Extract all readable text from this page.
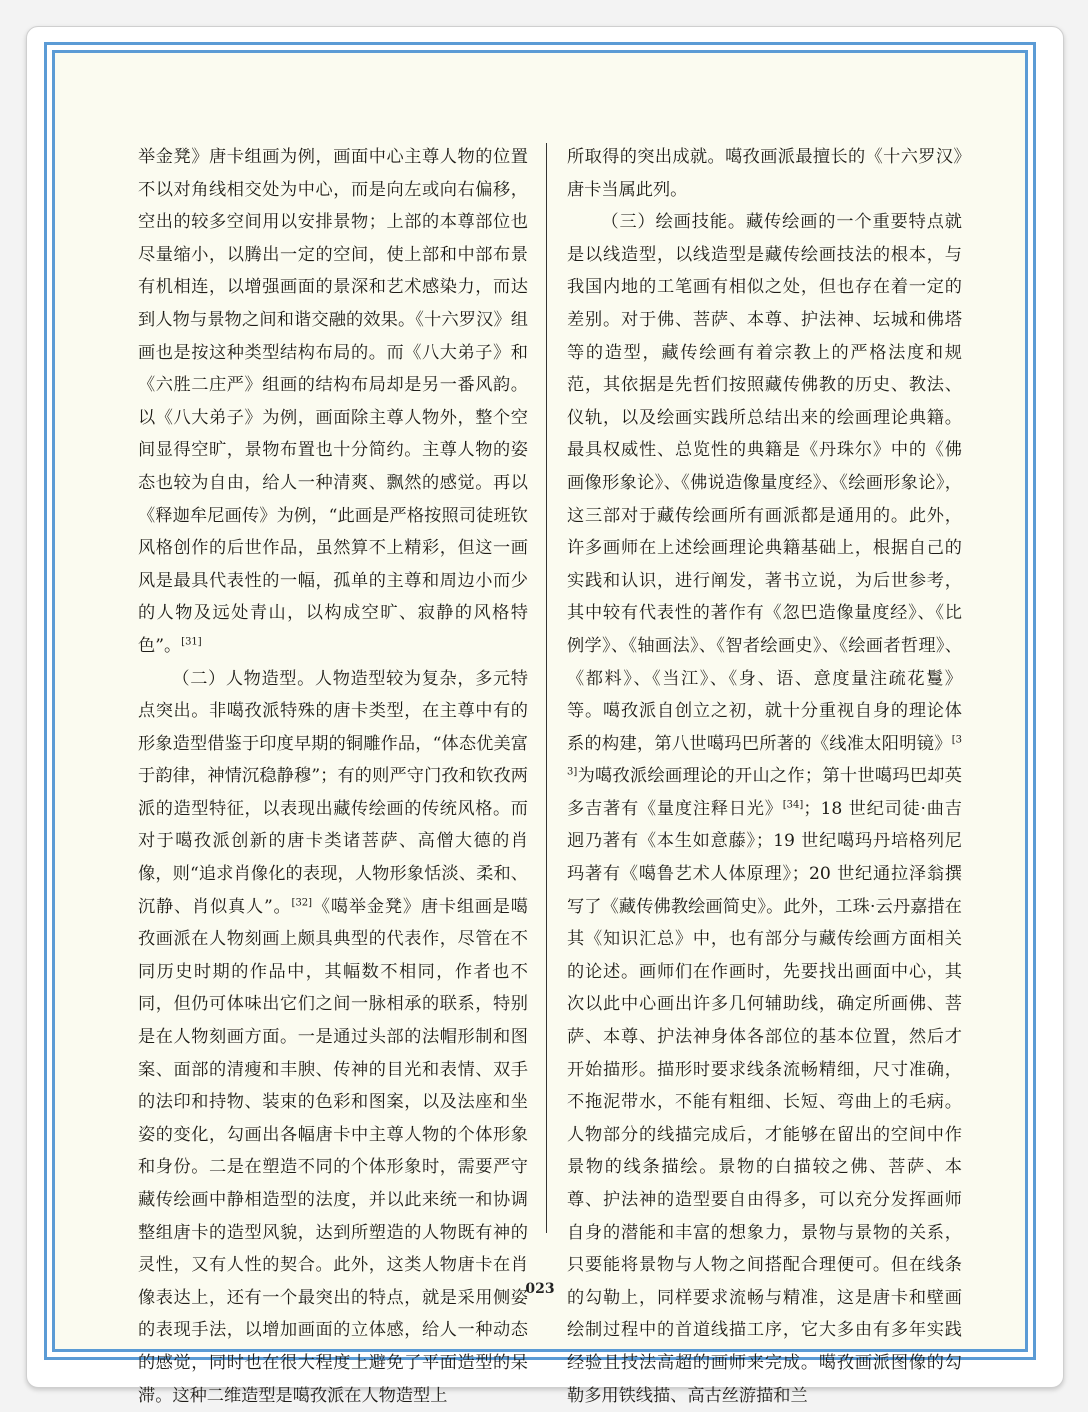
举金凳》唐卡组画为例，画面中心主尊人物的位置不以对角线相交处为中心，而是向左或向右偏移，空出的较多空间用以安排景物；上部的本尊部位也尽量缩小，以腾出一定的空间，使上部和中部布景有机相连，以增强画面的景深和艺术感染力，而达到人物与景物之间和谐交融的效果。《十六罗汉》组画也是按这种类型结构布局的。而《八大弟子》和《六胜二庄严》组画的结构布局却是另一番风韵。以《八大弟子》为例，画面除主尊人物外，整个空间显得空旷，景物布置也十分简约。主尊人物的姿态也较为自由，给人一种清爽、飘然的感觉。再以《释迦牟尼画传》为例，“此画是严格按照司徒班钦风格创作的后世作品，虽然算不上精彩，但这一画风是最具代表性的一幅，孤单的主尊和周边小而少的人物及远处青山，以构成空旷、寂静的风格特色”。[31]

（二）人物造型。人物造型较为复杂，多元特点突出。非噶孜派特殊的唐卡类型，在主尊中有的形象造型借鉴于印度早期的铜雕作品，“体态优美富于韵律，神情沉稳静穆”；有的则严守门孜和钦孜两派的造型特征，以表现出藏传绘画的传统风格。而对于噶孜派创新的唐卡类诸菩萨、高僧大德的肖像，则“追求肖像化的表现，人物形象恬淡、柔和、沉静、肖似真人”。[32]《噶举金凳》唐卡组画是噶孜画派在人物刻画上颇具典型的代表作，尽管在不同历史时期的作品中，其幅数不相同，作者也不同，但仍可体味出它们之间一脉相承的联系，特别是在人物刻画方面。一是通过头部的法帽形制和图案、面部的清瘦和丰腴、传神的目光和表情、双手的法印和持物、装束的色彩和图案，以及法座和坐姿的变化，勾画出各幅唐卡中主尊人物的个体形象和身份。二是在塑造不同的个体形象时，需要严守藏传绘画中静相造型的法度，并以此来统一和协调整组唐卡的造型风貌，达到所塑造的人物既有神的灵性，又有人性的契合。此外，这类人物唐卡在肖像表达上，还有一个最突出的特点，就是采用侧姿的表现手法，以增加画面的立体感，给人一种动态的感觉，同时也在很大程度上避免了平面造型的呆滞。这种二维造型是噶孜派在人物造型上

所取得的突出成就。噶孜画派最擅长的《十六罗汉》唐卡当属此列。

（三）绘画技能。藏传绘画的一个重要特点就是以线造型，以线造型是藏传绘画技法的根本，与我国内地的工笔画有相似之处，但也存在着一定的差别。对于佛、菩萨、本尊、护法神、坛城和佛塔等的造型，藏传绘画有着宗教上的严格法度和规范，其依据是先哲们按照藏传佛教的历史、教法、仪轨，以及绘画实践所总结出来的绘画理论典籍。最具权威性、总览性的典籍是《丹珠尔》中的《佛画像形象论》、《佛说造像量度经》、《绘画形象论》，这三部对于藏传绘画所有画派都是通用的。此外，许多画师在上述绘画理论典籍基础上，根据自己的实践和认识，进行阐发，著书立说，为后世参考，其中较有代表性的著作有《忽巴造像量度经》、《比例学》、《轴画法》、《智者绘画史》、《绘画者哲理》、《都料》、《当江》、《身、语、意度量注疏花鬘》等。噶孜派自创立之初，就十分重视自身的理论体系的构建，第八世噶玛巴所著的《线准太阳明镜》[33]为噶孜派绘画理论的开山之作；第十世噶玛巴却英多吉著有《量度注释日光》[34]；18 世纪司徒·曲吉迥乃著有《本生如意藤》；19 世纪噶玛丹培格列尼玛著有《噶鲁艺术人体原理》；20 世纪通拉泽翁撰写了《藏传佛教绘画简史》。此外，工珠·云丹嘉措在其《知识汇总》中，也有部分与藏传绘画方面相关的论述。画师们在作画时，先要找出画面中心，其次以此中心画出许多几何辅助线，确定所画佛、菩萨、本尊、护法神身体各部位的基本位置，然后才开始描形。描形时要求线条流畅精细，尺寸准确，不拖泥带水，不能有粗细、长短、弯曲上的毛病。人物部分的线描完成后，才能够在留出的空间中作景物的线条描绘。景物的白描较之佛、菩萨、本尊、护法神的造型要自由得多，可以充分发挥画师自身的潜能和丰富的想象力，景物与景物的关系，只要能将景物与人物之间搭配合理便可。但在线条的勾勒上，同样要求流畅与精准，这是唐卡和壁画绘制过程中的首道线描工序，它大多由有多年实践经验且技法高超的画师来完成。噶孜画派图像的勾勒多用铁线描、高古丝游描和兰

023
